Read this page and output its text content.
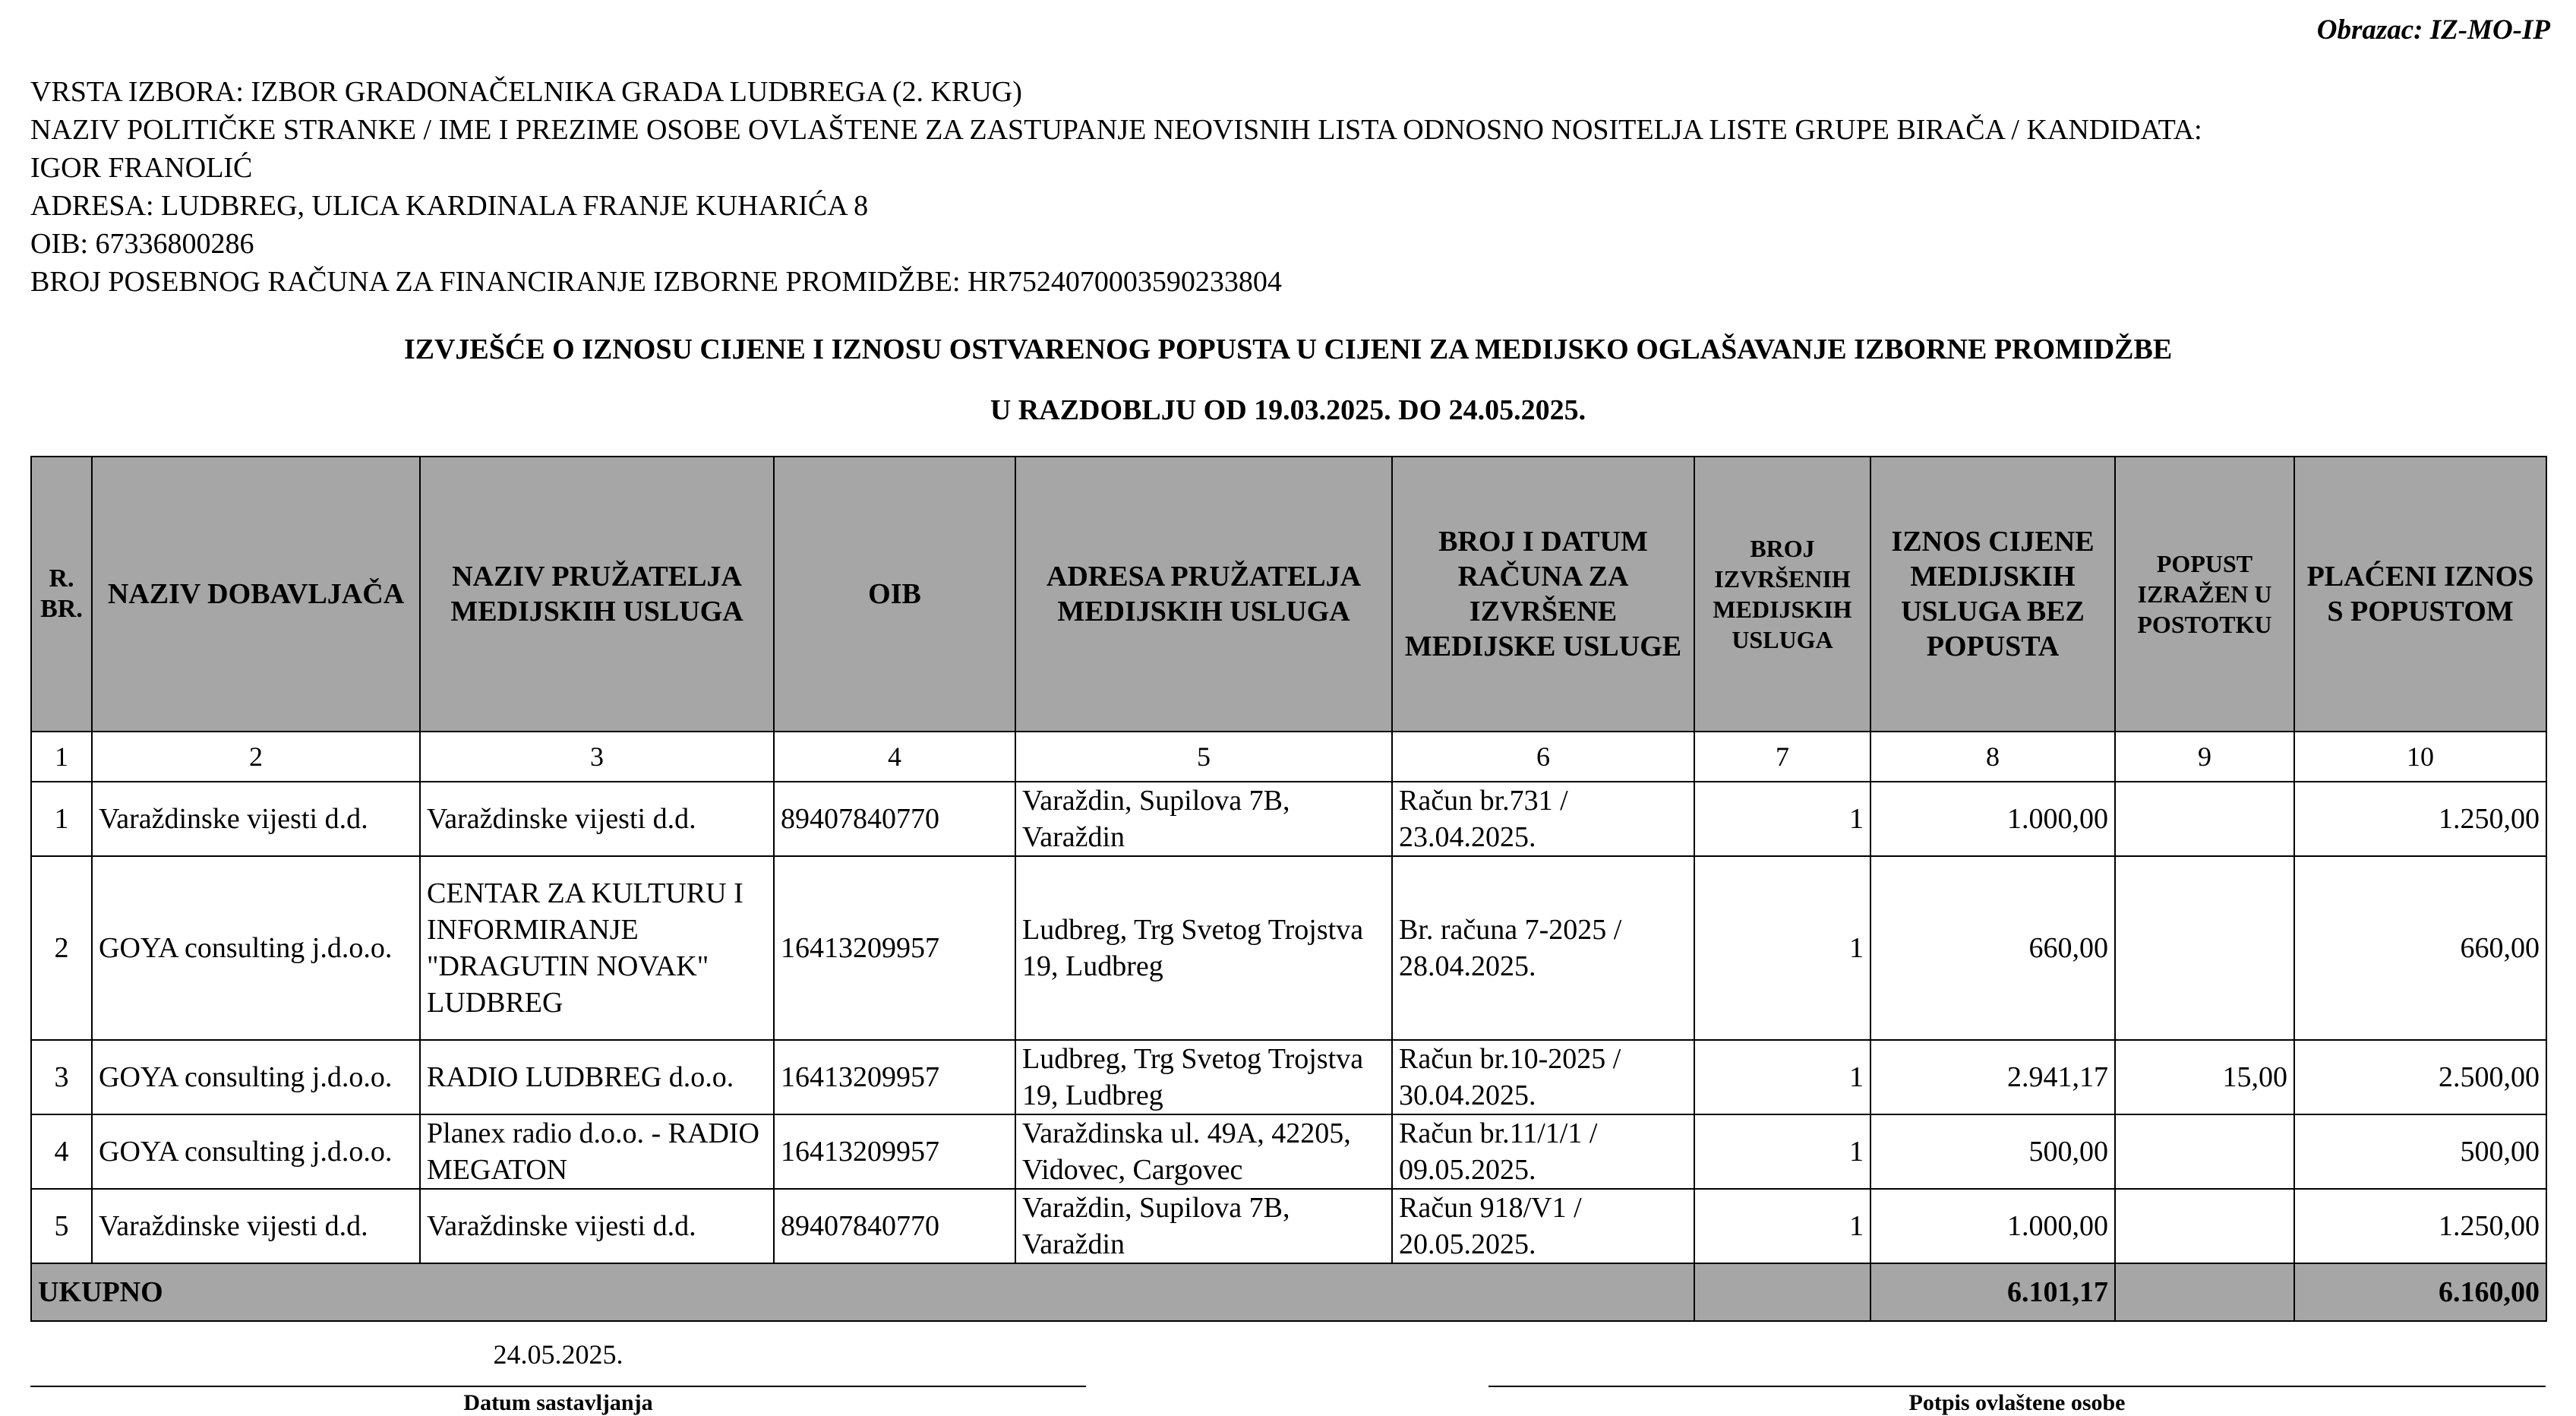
Obrazac: IZ-MO-IP
VRSTA IZBORA: IZBOR GRADONAČELNIKA GRADA LUDBREGA (2. KRUG)
NAZIV POLITIČKE STRANKE / IME I PREZIME OSOBE OVLAŠTENE ZA ZASTUPANJE NEOVISNIH LISTA ODNOSNO NOSITELJA LISTE GRUPE BIRAČA / KANDIDATA:
IGOR FRANOLIĆ
ADRESA: LUDBREG, ULICA KARDINALA FRANJE KUHARIĆA 8
OIB: 67336800286
BROJ POSEBNOG RAČUNA ZA FINANCIRANJE IZBORNE PROMIDŽBE: HR7524070003590233804
IZVJEŠĆE O IZNOSU CIJENE I IZNOSU OSTVARENOG POPUSTA U CIJENI ZA MEDIJSKO OGLAŠAVANJE IZBORNE PROMIDŽBE
U RAZDOBLJU OD 19.03.2025. DO 24.05.2025.
R. BR.	NAZIV DOBAVLJAČA	NAZIV PRUŽATELJA MEDIJSKIH USLUGA	OIB	ADRESA PRUŽATELJA MEDIJSKIH USLUGA	BROJ I DATUM RAČUNA ZA IZVRŠENE MEDIJSKE USLUGE	BROJ IZVRŠENIH MEDIJSKIH USLUGA	IZNOS CIJENE MEDIJSKIH USLUGA BEZ POPUSTA	POPUST IZRAŽEN U POSTOTKU	PLAĆENI IZNOS S POPUSTOM
1	2	3	4	5	6	7	8	9	10
1	Varaždinske vijesti d.d.	Varaždinske vijesti d.d.	89407840770	Varaždin, Supilova 7B, Varaždin	Račun br.731 / 23.04.2025.	1	1.000,00		1.250,00
2	GOYA consulting j.d.o.o.	CENTAR ZA KULTURU I INFORMIRANJE "DRAGUTIN NOVAK" LUDBREG	16413209957	Ludbreg, Trg Svetog Trojstva 19, Ludbreg	Br. računa 7-2025 / 28.04.2025.	1	660,00		660,00
3	GOYA consulting j.d.o.o.	RADIO LUDBREG d.o.o.	16413209957	Ludbreg, Trg Svetog Trojstva 19, Ludbreg	Račun br.10-2025 / 30.04.2025.	1	2.941,17	15,00	2.500,00
4	GOYA consulting j.d.o.o.	Planex radio d.o.o. - RADIO MEGATON	16413209957	Varaždinska ul. 49A, 42205, Vidovec, Cargovec	Račun br.11/1/1 / 09.05.2025.	1	500,00		500,00
5	Varaždinske vijesti d.d.	Varaždinske vijesti d.d.	89407840770	Varaždin, Supilova 7B, Varaždin	Račun 918/V1 / 20.05.2025.	1	1.000,00		1.250,00
UKUPNO							6.101,17		6.160,00
24.05.2025.
Datum sastavljanja	Potpis ovlaštene osobe
